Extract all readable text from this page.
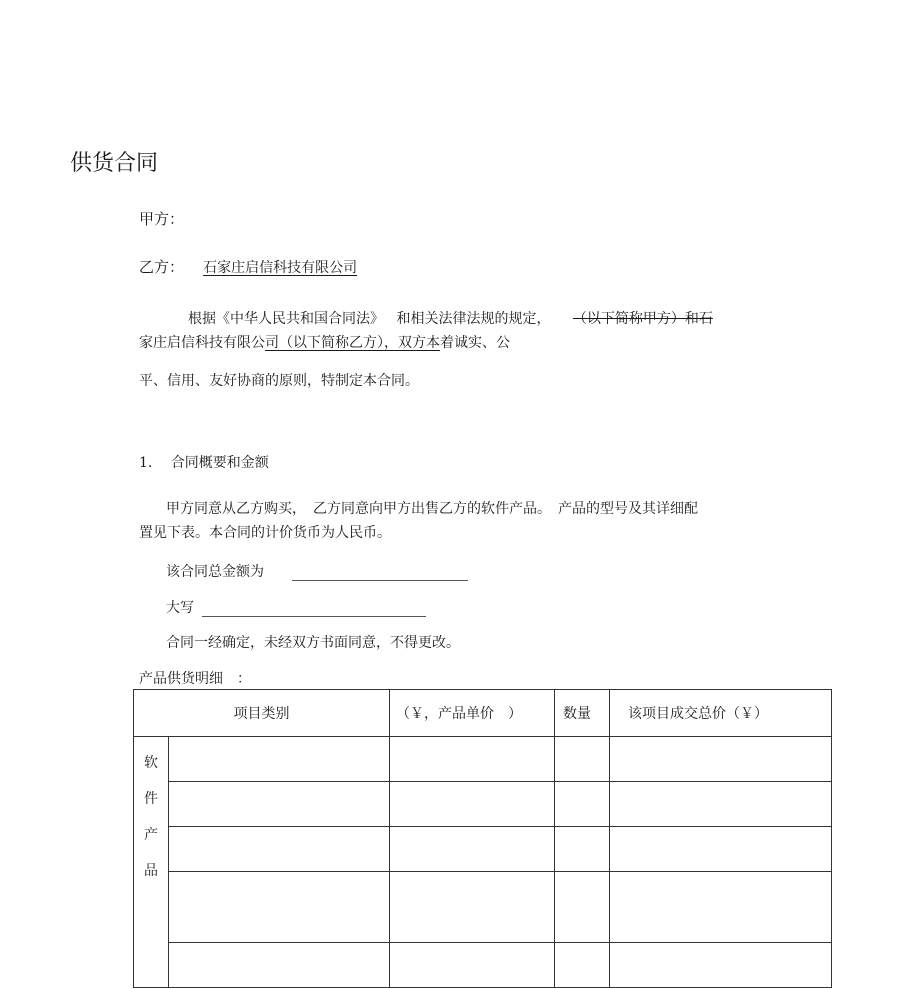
供货合同
甲方：
乙方： 石家庄启信科技有限公司
根据《中华人民共和国合同法》 和相关法律法规的规定， （以下简称甲方）和石
家庄启信科技有限公司（以下简称乙方），双方本着诚实、公
平、信用、友好协商的原则，特制定本合同。
1. 合同概要和金额
甲方同意从乙方购买，　乙方同意向甲方出售乙方的软件产品。　产品的型号及其详细配
置见下表。本合同的计价货币为人民币。
该合同总金额为
大写
合同一经确定，未经双方书面同意，不得更改。
产品供货明细　：
项目类别		（￥，产品单价　）	数量	该项目成交总价（￥）

软
件
产
品				
